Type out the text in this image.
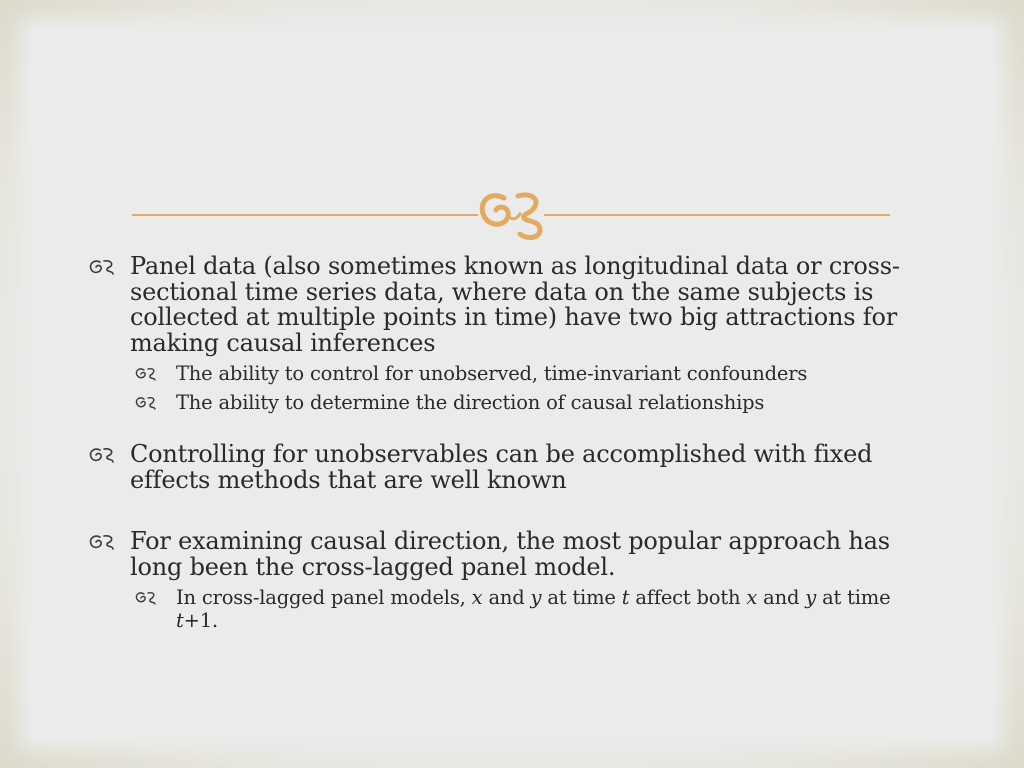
Panel data (also sometimes known as longitudinal data or cross-sectional time series data, where data on the same subjects is collected at multiple points in time) have two big attractions for making causal inferences
The ability to control for unobserved, time-invariant confounders
The ability to determine the direction of causal relationships
Controlling for unobservables can be accomplished with fixed effects methods that are well known
For examining causal direction, the most popular approach has long been the cross-lagged panel model.
In cross-lagged panel models, x and y at time t affect both x and y at time t+1.
